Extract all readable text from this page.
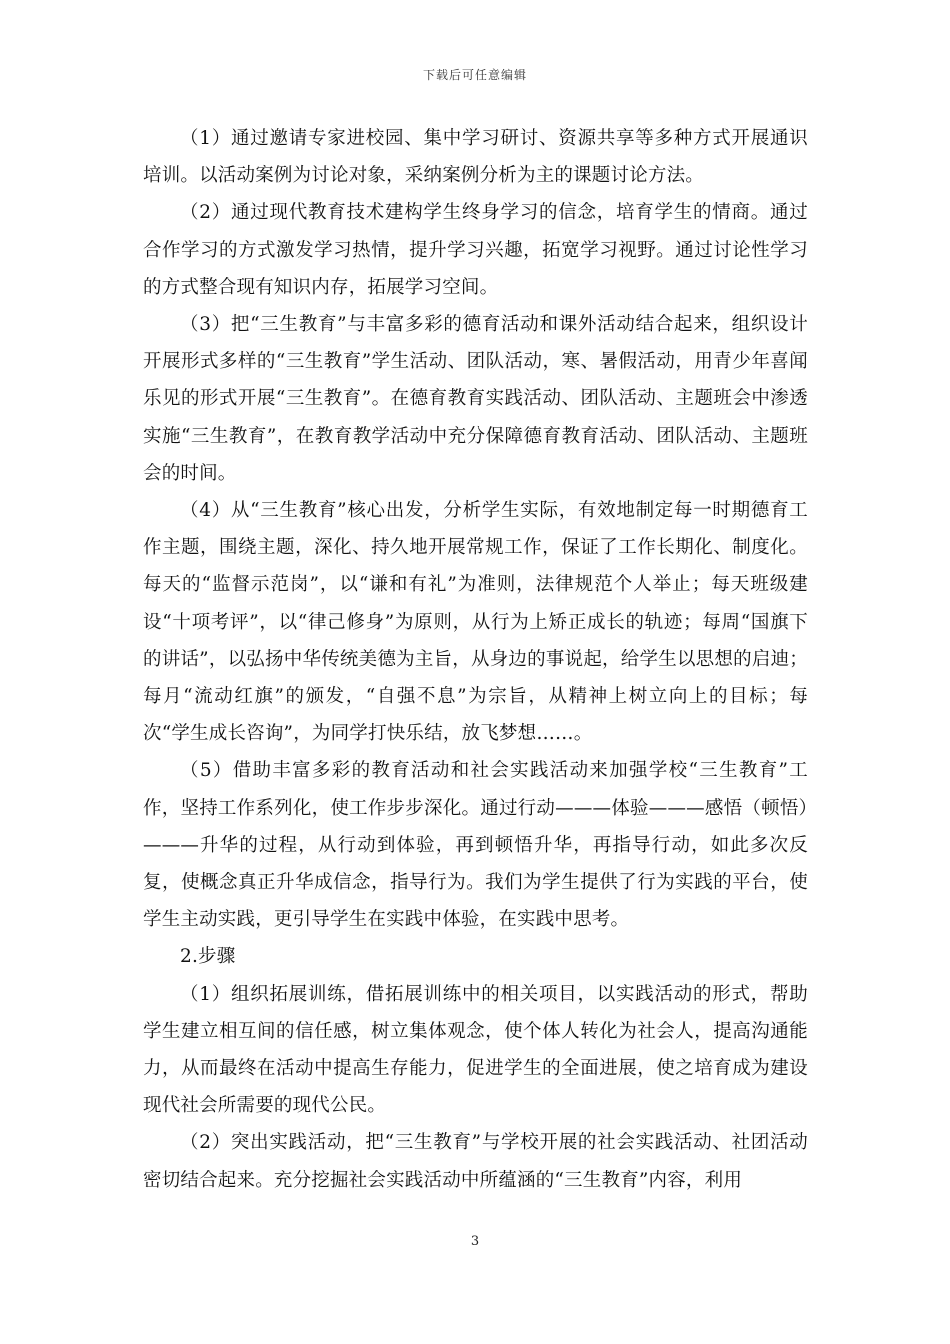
下载后可任意编辑

（1）通过邀请专家进校园、集中学习研讨、资源共享等多种方式开展通识培训。以活动案例为讨论对象，采纳案例分析为主的课题讨论方法。

（2）通过现代教育技术建构学生终身学习的信念，培育学生的情商。通过合作学习的方式激发学习热情，提升学习兴趣，拓宽学习视野。通过讨论性学习的方式整合现有知识内存，拓展学习空间。

（3）把“三生教育”与丰富多彩的德育活动和课外活动结合起来，组织设计开展形式多样的“三生教育”学生活动、团队活动，寒、暑假活动，用青少年喜闻乐见的形式开展“三生教育”。在德育教育实践活动、团队活动、主题班会中渗透实施“三生教育”，在教育教学活动中充分保障德育教育活动、团队活动、主题班会的时间。

（4）从“三生教育”核心出发，分析学生实际，有效地制定每一时期德育工作主题，围绕主题，深化、持久地开展常规工作，保证了工作长期化、制度化。每天的“监督示范岗”，以“谦和有礼”为准则，法律规范个人举止；每天班级建设“十项考评”，以“律己修身”为原则，从行为上矫正成长的轨迹；每周“国旗下的讲话”，以弘扬中华传统美德为主旨，从身边的事说起，给学生以思想的启迪；每月“流动红旗”的颁发，“自强不息”为宗旨，从精神上树立向上的目标；每次“学生成长咨询”，为同学打快乐结，放飞梦想……。

（5）借助丰富多彩的教育活动和社会实践活动来加强学校“三生教育”工作，坚持工作系列化，使工作步步深化。通过行动———体验———感悟（顿悟）———升华的过程，从行动到体验，再到顿悟升华，再指导行动，如此多次反复，使概念真正升华成信念，指导行为。我们为学生提供了行为实践的平台，使学生主动实践，更引导学生在实践中体验，在实践中思考。

2.步骤

（1）组织拓展训练，借拓展训练中的相关项目，以实践活动的形式，帮助学生建立相互间的信任感，树立集体观念，使个体人转化为社会人，提高沟通能力，从而最终在活动中提高生存能力，促进学生的全面进展，使之培育成为建设现代社会所需要的现代公民。

（2）突出实践活动，把“三生教育”与学校开展的社会实践活动、社团活动密切结合起来。充分挖掘社会实践活动中所蕴涵的“三生教育”内容，利用

3
